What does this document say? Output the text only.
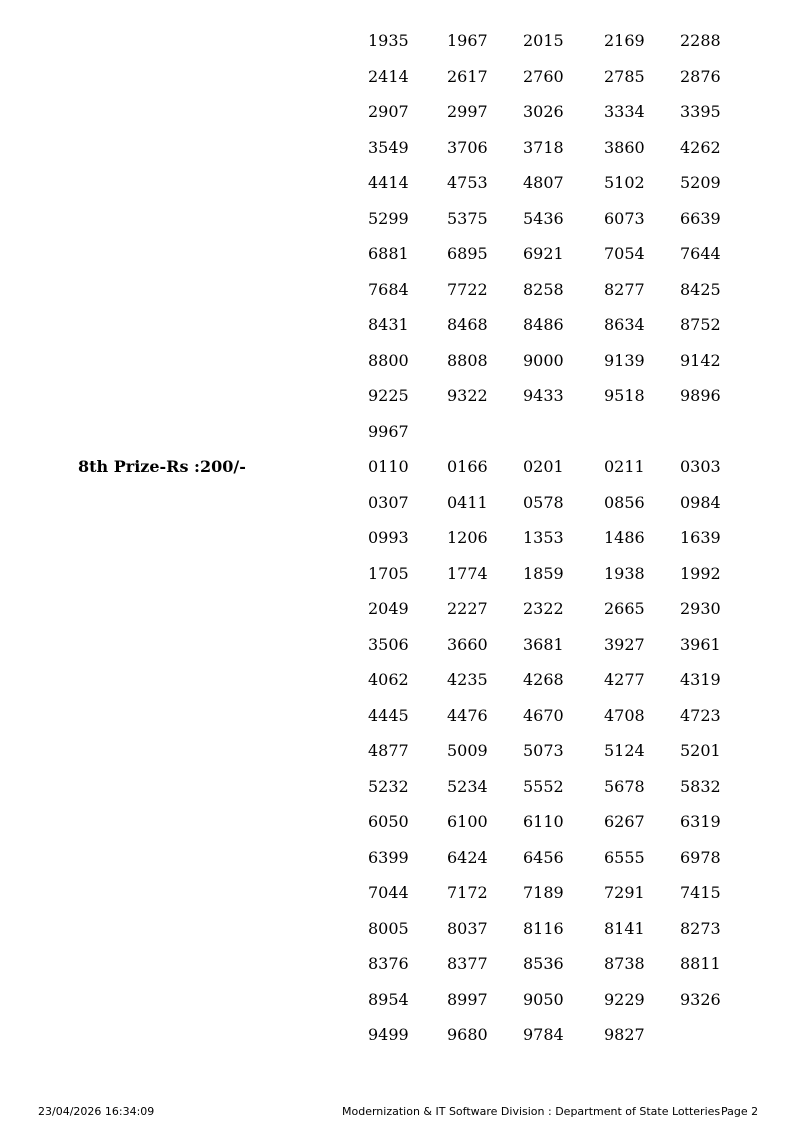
1935 1967 2015	2169 2288
2414 2617 2760	2785 2876
2907 2997 3026	3334 3395
3549 3706 3718	3860 4262
4414 4753 4807	5102 5209
5299 5375 5436	6073 6639
6881 6895 6921	7054 7644
7684 7722 8258	8277 8425
8431 8468 8486	8634 8752
8800 8808 9000	9139 9142
9225 9322 9433	9518 9896
9967
8th Prize-Rs :200/-	0110 0166 0201	0211 0303
0307 0411 0578	0856 0984
0993 1206 1353	1486 1639
1705 1774 1859	1938 1992
2049 2227 2322	2665 2930
3506 3660 3681	3927 3961
4062 4235 4268	4277 4319
4445 4476 4670	4708 4723
4877 5009 5073	5124 5201
5232 5234 5552	5678 5832
6050 6100 6110	6267 6319
6399 6424 6456	6555 6978
7044 7172 7189	7291 7415
8005 8037 8116	8141 8273
8376 8377 8536	8738 8811
8954 8997 9050	9229 9326
9499 9680 9784	9827
23/04/2026 16:34:09	Modernization & IT Software Division : Department of State Lotteries Page 2
